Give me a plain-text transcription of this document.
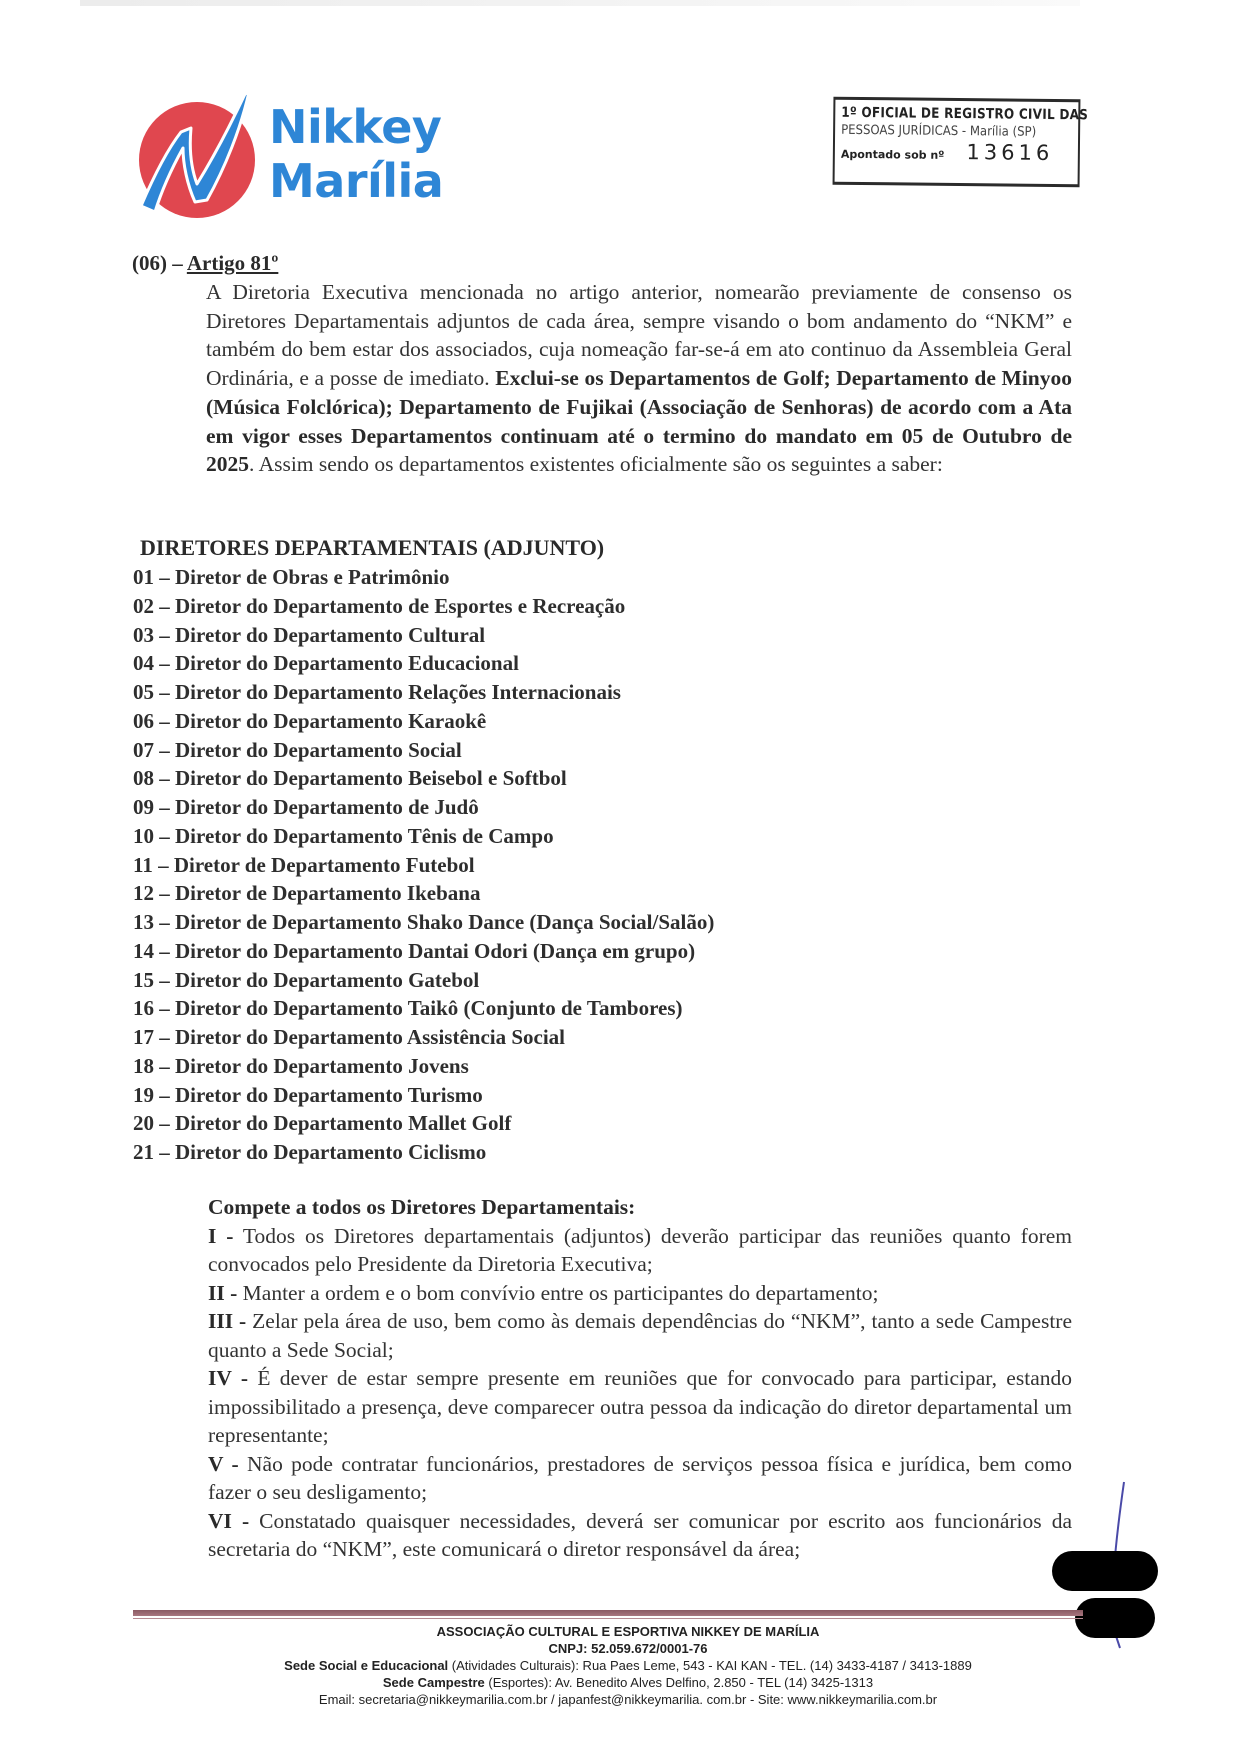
Nikkey
Marília
1º OFICIAL DE REGISTRO CIVIL DAS
PESSOAS JURÍDICAS - Marília (SP)
Apontado sob nº 13616
(06) – Artigo 81º
A Diretoria Executiva mencionada no artigo anterior, nomearão previamente de consenso os Diretores Departamentais adjuntos de cada área, sempre visando o bom andamento do “NKM” e também do bem estar dos associados, cuja nomeação far-se-á em ato continuo da Assembleia Geral Ordinária, e a posse de imediato. Exclui-se os Departamentos de Golf; Departamento de Minyoo (Música Folclórica); Departamento de Fujikai (Associação de Senhoras) de acordo com a Ata em vigor esses Departamentos continuam até o termino do mandato em 05 de Outubro de 2025. Assim sendo os departamentos existentes oficialmente são os seguintes a saber:
DIRETORES DEPARTAMENTAIS (ADJUNTO)
01 – Diretor de Obras e Patrimônio
02 – Diretor do Departamento de Esportes e Recreação
03 – Diretor do Departamento Cultural
04 – Diretor do Departamento Educacional
05 – Diretor do Departamento Relações Internacionais
06 – Diretor do Departamento Karaokê
07 – Diretor do Departamento Social
08 – Diretor do Departamento Beisebol e Softbol
09 – Diretor do Departamento de Judô
10 – Diretor do Departamento Tênis de Campo
11 – Diretor de Departamento Futebol
12 – Diretor de Departamento Ikebana
13 – Diretor de Departamento Shako Dance (Dança Social/Salão)
14 – Diretor do Departamento Dantai Odori (Dança em grupo)
15 – Diretor do Departamento Gatebol
16 – Diretor do Departamento Taikô (Conjunto de Tambores)
17 – Diretor do Departamento Assistência Social
18 – Diretor do Departamento Jovens
19 – Diretor do Departamento Turismo
20 – Diretor do Departamento Mallet Golf
21 – Diretor do Departamento Ciclismo
Compete a todos os Diretores Departamentais:

I - Todos os Diretores departamentais (adjuntos) deverão participar das reuniões quanto forem convocados pelo Presidente da Diretoria Executiva;

II - Manter a ordem e o bom convívio entre os participantes do departamento;

III - Zelar pela área de uso, bem como às demais dependências do “NKM”, tanto a sede Campestre quanto a Sede Social;

IV - É dever de estar sempre presente em reuniões que for convocado para participar, estando impossibilitado a presença, deve comparecer outra pessoa da indicação do diretor departamental um representante;

V - Não pode contratar funcionários, prestadores de serviços pessoa física e jurídica, bem como fazer o seu desligamento;

VI - Constatado quaisquer necessidades, deverá ser comunicar por escrito aos funcionários da secretaria do “NKM”, este comunicará o diretor responsável da área;

ASSOCIAÇÃO CULTURAL E ESPORTIVA NIKKEY DE MARÍLIA
CNPJ: 52.059.672/0001-76
Sede Social e Educacional (Atividades Culturais): Rua Paes Leme, 543 - KAI KAN - TEL. (14) 3433-4187 / 3413-1889
Sede Campestre (Esportes): Av. Benedito Alves Delfino, 2.850 - TEL (14) 3425-1313
Email: secretaria@nikkeymarilia.com.br / japanfest@nikkeymarilia. com.br - Site: www.nikkeymarilia.com.br
